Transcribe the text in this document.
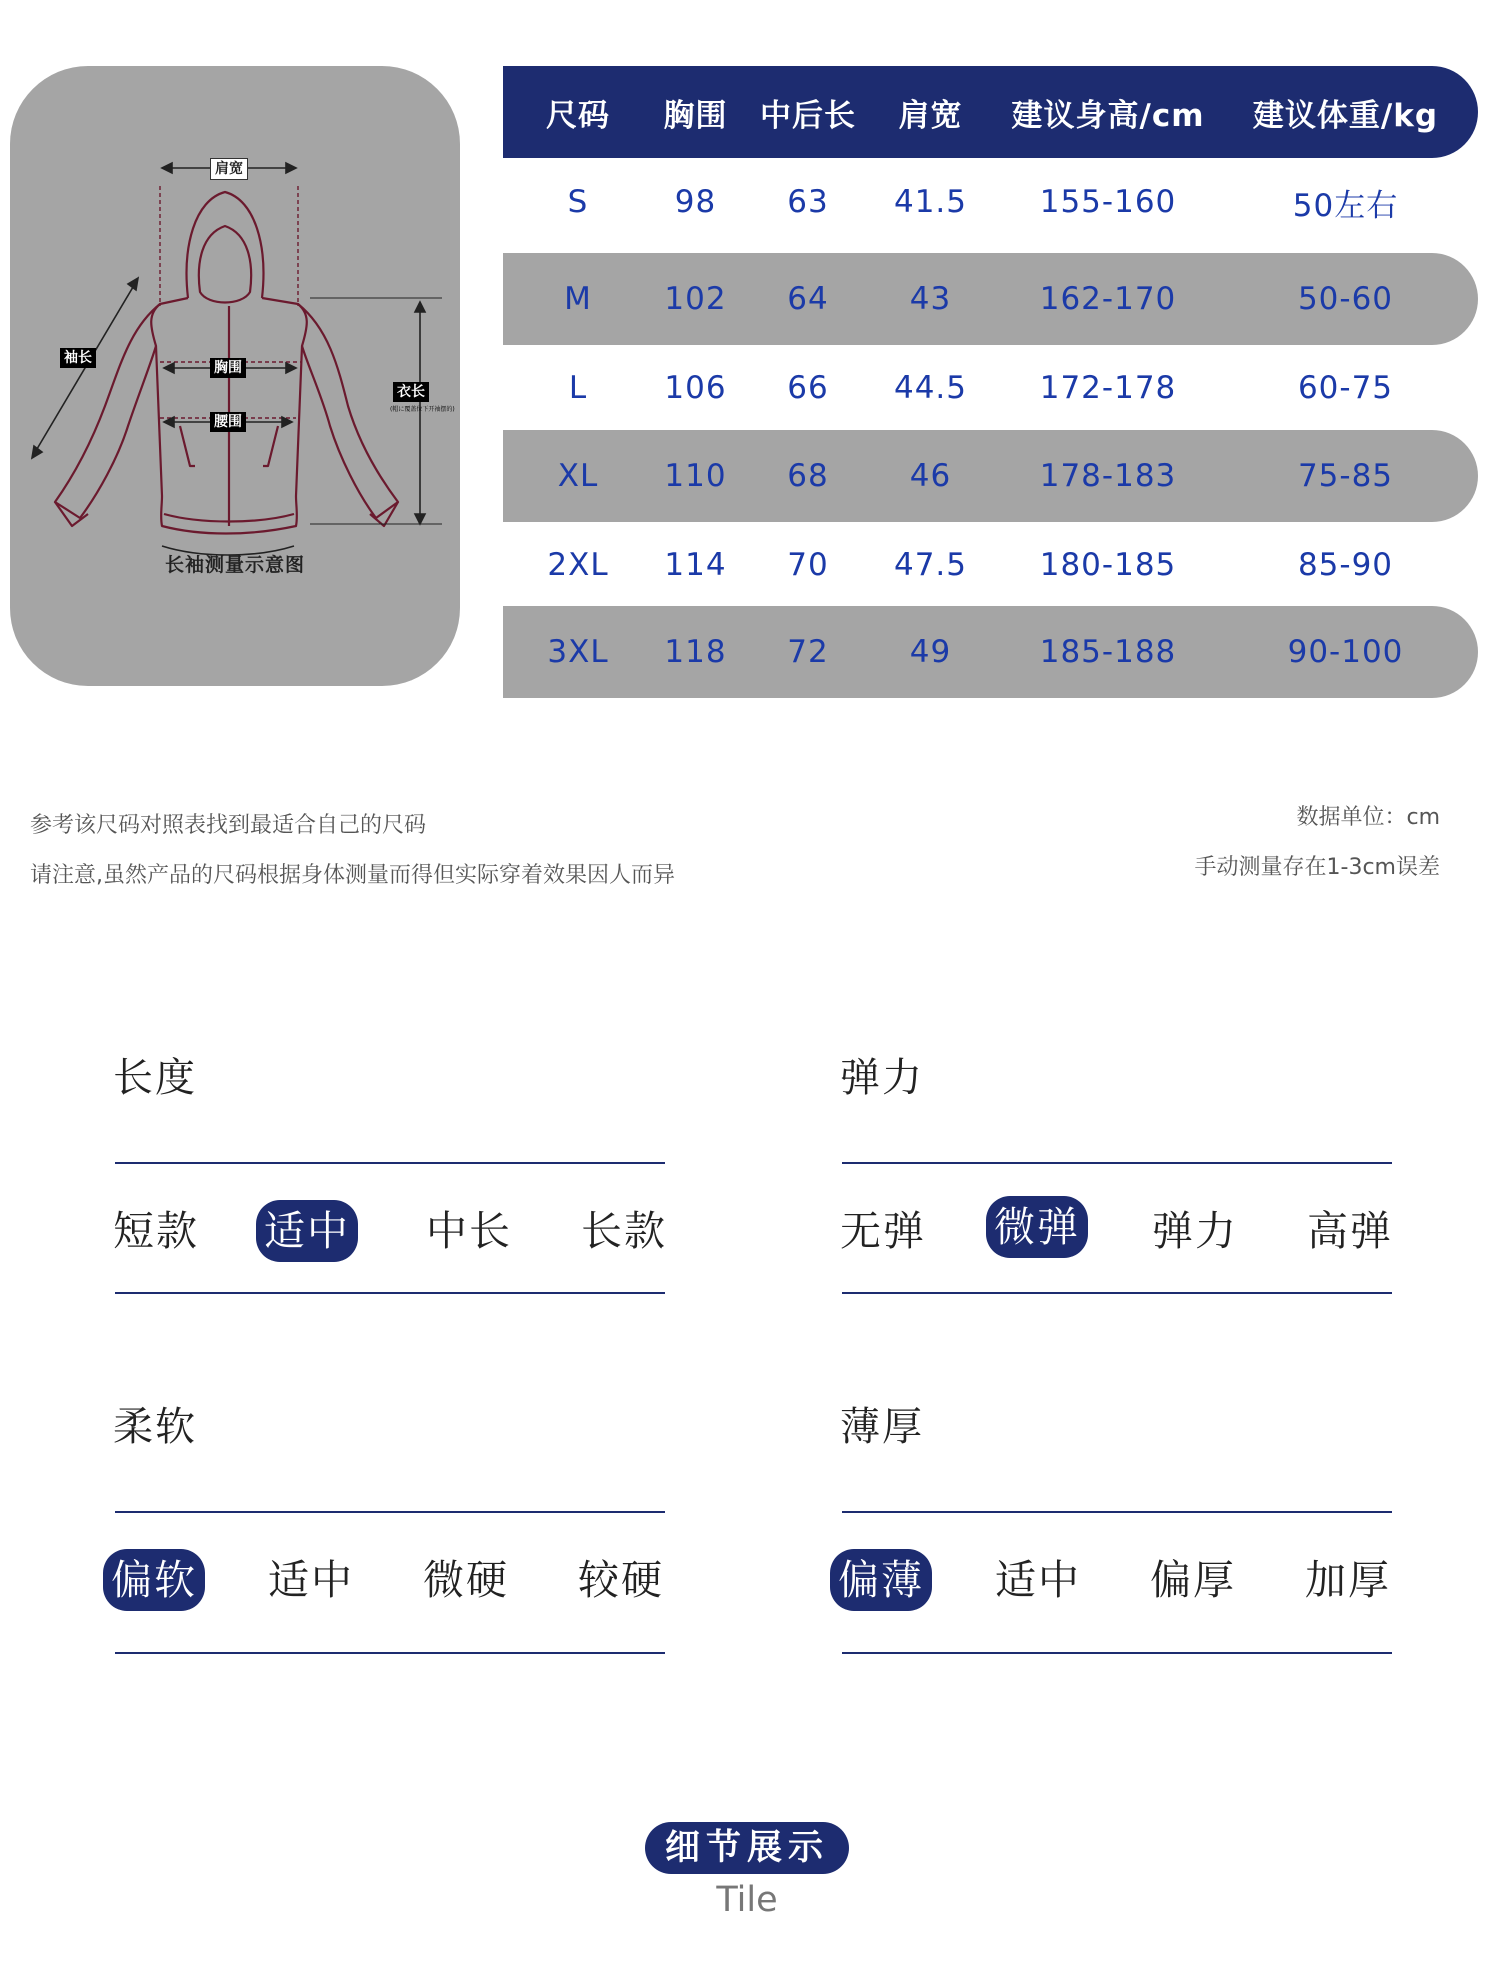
肩宽
袖长
胸围
腰围
衣长
(帽に覆盖位下开袖摆的)
长袖测量示意图
尺码	胸围	中后长	肩宽	建议身高/cm	建议体重/kg
S	98	63	41.5	155-160	50左右
M	102	64	43	162-170	50-60
L	106	66	44.5	172-178	60-75
XL	110	68	46	178-183	75-85
2XL	114	70	47.5	180-185	85-90
3XL	118	72	49	185-188	90-100
参考该尺码对照表找到最适合自己的尺码
请注意,虽然产品的尺码根据身体测量而得但实际穿着效果因人而异
数据单位：cm
手动测量存在1-3cm误差
长度
短款 适中 中长 长款
弹力
无弹 微弹 弹力 高弹
柔软
偏软 适中 微硬 较硬
薄厚
偏薄 适中 偏厚 加厚
细节展示
Tile
